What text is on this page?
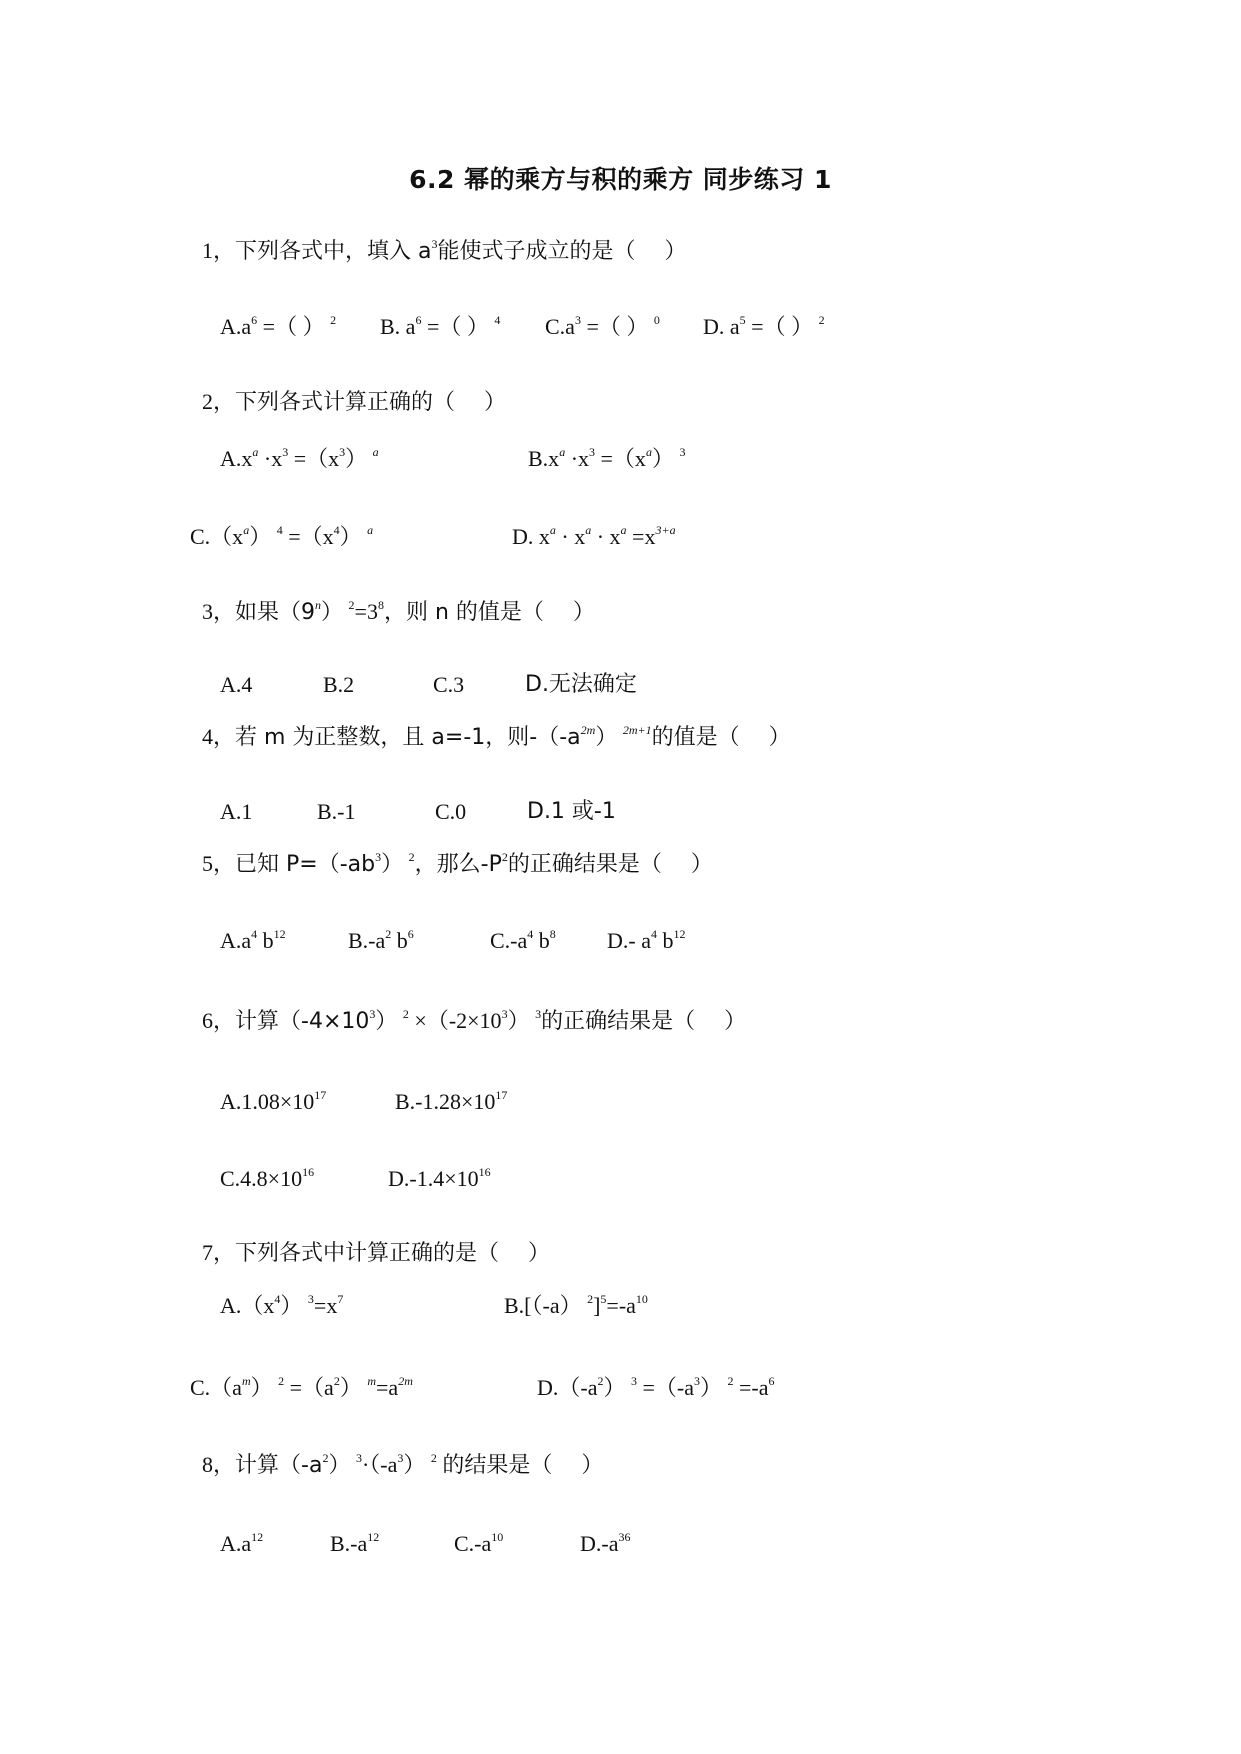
6.2 幂的乘方与积的乘方 同步练习 1
1，下列各式中，填入 $a^3$能使式子成立的是（　 ）
$A.a^6$ =（ ） $^2$ B. $a^6$ =（ ） $^4$ $C.a^3$ =（ ） $^0$ D. $a^5$ =（ ） $^2$
2，下列各式计算正确的（　 ）
$A.x^a \cdot x^3 =(x^3)$ $^a$	$B.x^a \cdot x^3 =(x^a)$ $^3$
$C.(x^a)$ $^4 =(x^4)$ $^a$	D. $x^a \cdot x^a \cdot x^a =x^{3+a}$
3，如果（9$^n$） $^2=3^8$，则 n 的值是（　 ）
A.4	B.2	C.3	D.无法确定
4，若 m 为正整数，且 a=-1，则$-(-a^{2m})$ $^{2m+1}$的值是（　 ）
A.1	B.-1	C.0	D.1 或-1
5，已知 $P=(-ab^3)$ $^2$，那么$-P^2$的正确结果是（　 ）
$A.a^4$ $b^{12}$	$B.-a^2$ $b^6$	$C.-a^4$ $b^8$ D.- $a^4$ $b^{12}$
6，计算$(-4\times 10^3)$ $^2 \times(-2\times 10^3)$ $^3$的正确结果是（　 ）
$A.1.08\times 10^{17}$	$B.-1.28\times 10^{17}$
$C.4.8\times 10^{16}$	$D.-1.4\times 10^{16}$
7，下列各式中计算正确的是（　 ）
$A.(x^4)$ $^3=x^7$	B.[（-a） $^2]^5=-a^{10}$
$C.(a^m)$ $^2 =(a^2)$ $^m=a^{2m}$	$D.(-a^2)$ $^3 =(-a^3)$ $^2 =-a^6$
8，计算$(-a^2)$ $^3\cdot(-a^3)$ $^2$ 的结果是（　 ）
$A.a^{12}$	$B.-a^{12}$	$C.-a^{10}$	$D.-a^{36}$
